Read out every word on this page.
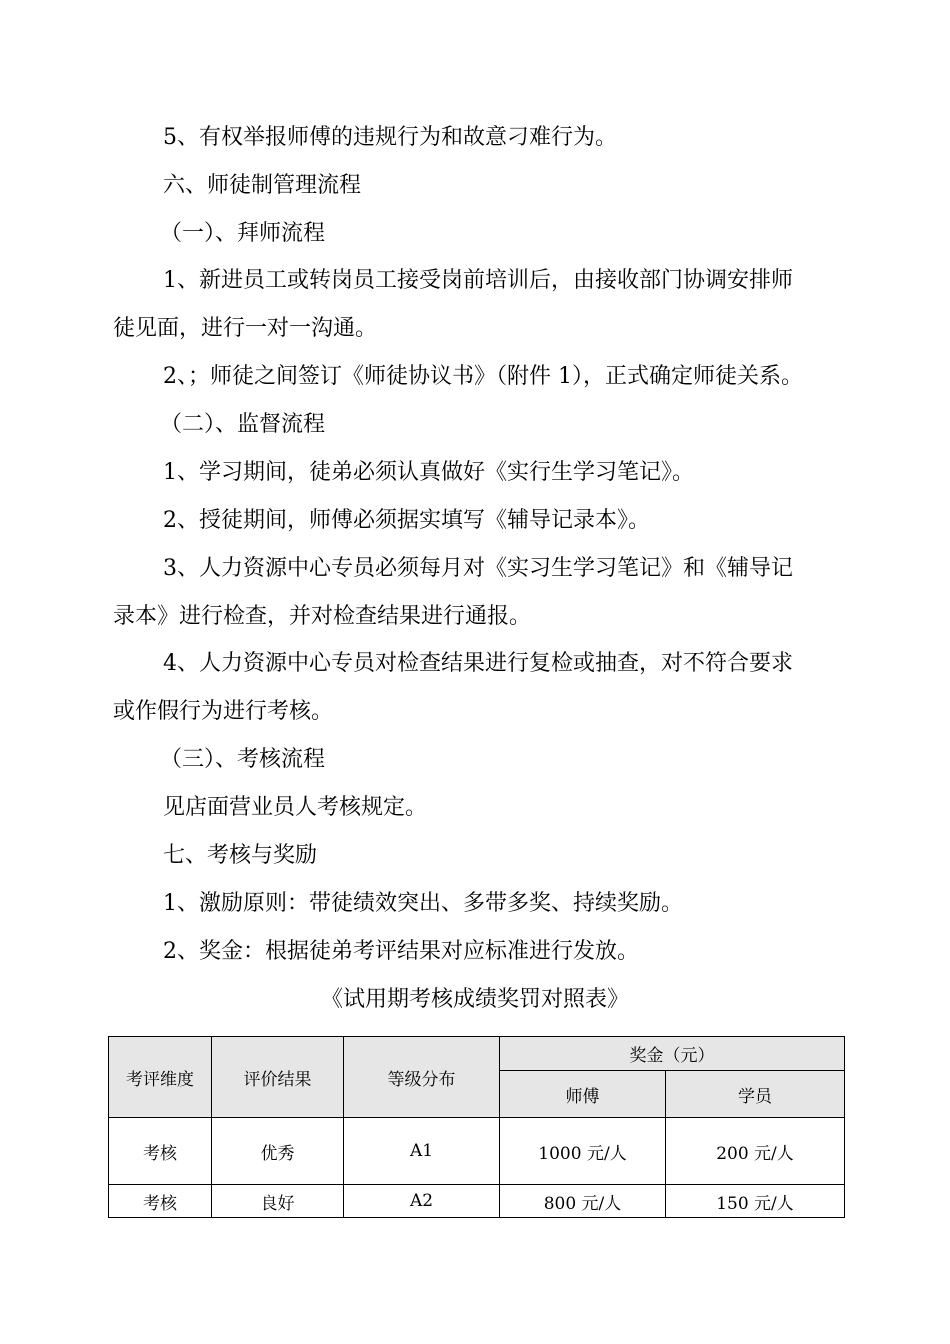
5、有权举报师傅的违规行为和故意刁难行为。
六、师徒制管理流程
（一）、拜师流程
1、新进员工或转岗员工接受岗前培训后，由接收部门协调安排师
徒见面，进行一对一沟通。
2、；师徒之间签订《师徒协议书》（附件 1），正式确定师徒关系。
（二）、监督流程
1、学习期间，徒弟必须认真做好《实行生学习笔记》。
2、授徒期间，师傅必须据实填写《辅导记录本》。
3、人力资源中心专员必须每月对《实习生学习笔记》和《辅导记
录本》进行检查，并对检查结果进行通报。
4、人力资源中心专员对检查结果进行复检或抽查，对不符合要求
或作假行为进行考核。
（三）、考核流程
见店面营业员人考核规定。
七、考核与奖励
1、激励原则：带徒绩效突出、多带多奖、持续奖励。
2、奖金：根据徒弟考评结果对应标准进行发放。
《试用期考核成绩奖罚对照表》
考评维度	评价结果	等级分布	奖金（元）	
			师傅	学员
考核	优秀	A1	1000 元/人	200 元/人
考核	良好	A2	800 元/人	150 元/人
